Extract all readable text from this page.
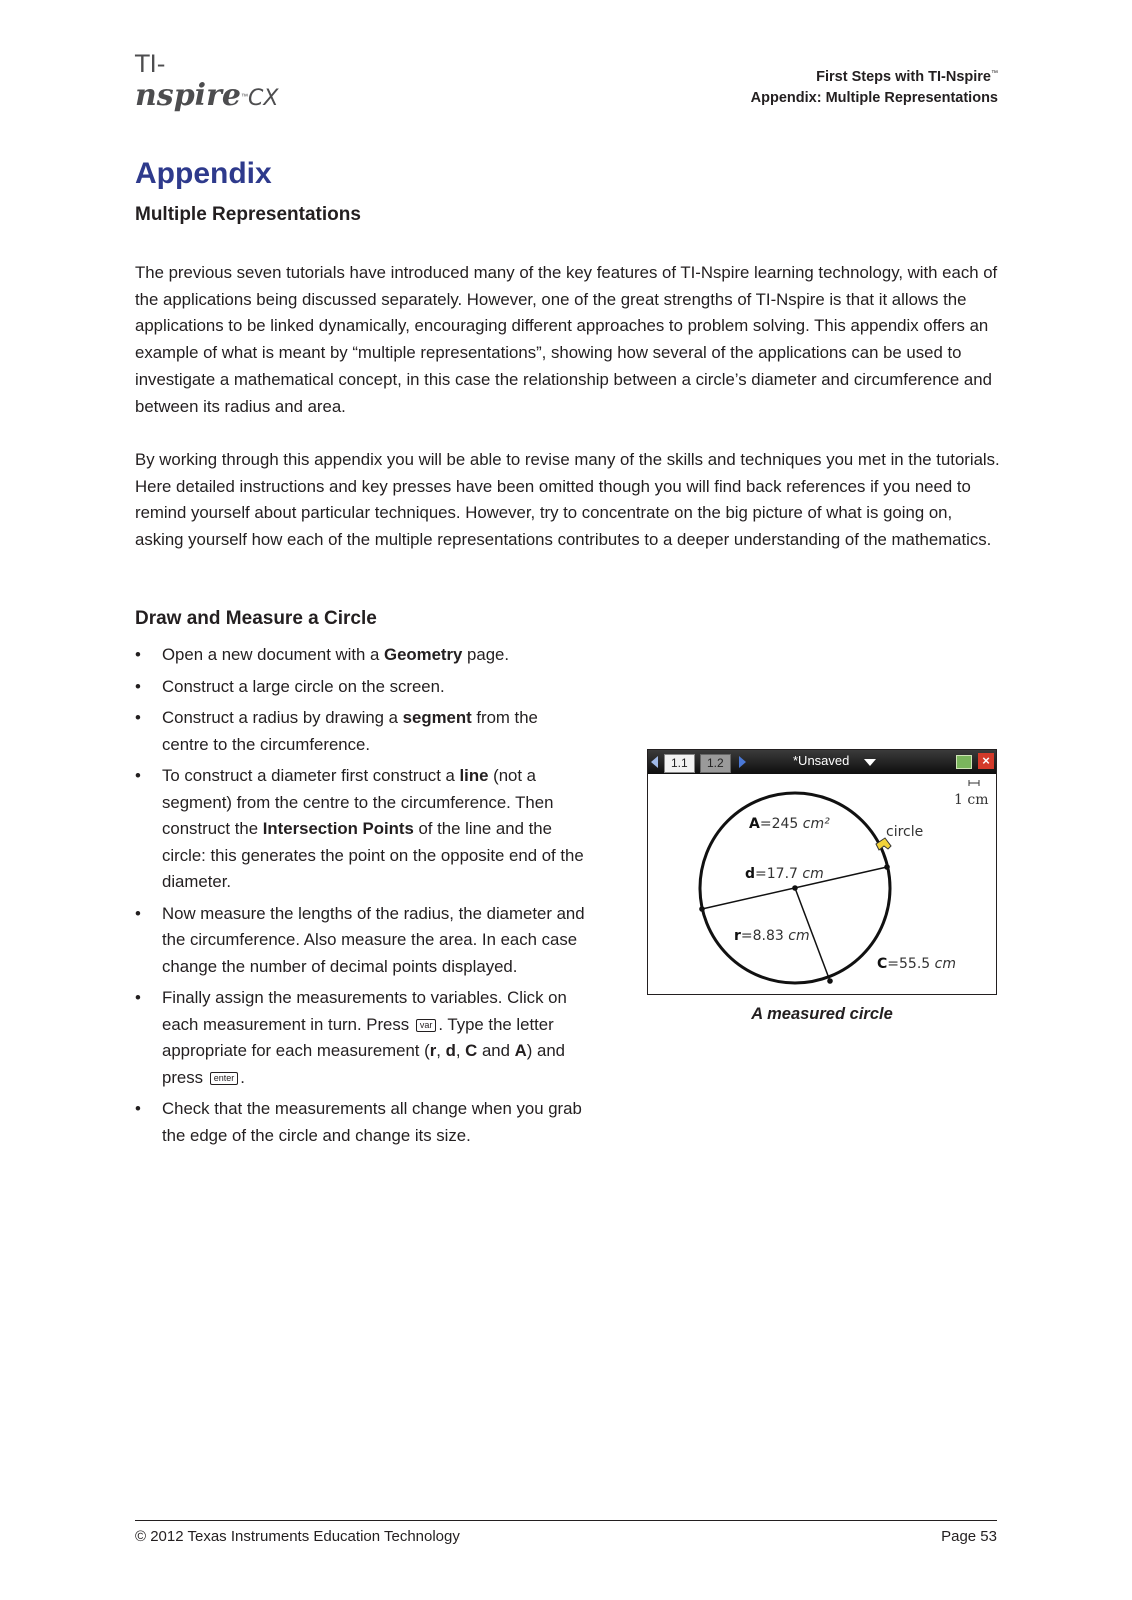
TI-nspire™CX
First Steps with TI-Nspire™
Appendix: Multiple Representations
Appendix
Multiple Representations

The previous seven tutorials have introduced many of the key features of TI-Nspire learning technology, with each of the applications being discussed separately. However, one of the great strengths of TI-Nspire is that it allows the applications to be linked dynamically, encouraging different approaches to problem solving. This appendix offers an example of what is meant by “multiple representations”, showing how several of the applications can be used to investigate a mathematical concept, in this case the relationship between a circle’s diameter and circumference and between its radius and area.

By working through this appendix you will be able to revise many of the skills and techniques you met in the tutorials. Here detailed instructions and key presses have been omitted though you will find back references if you need to remind yourself about particular techniques. However, try to concentrate on the big picture of what is going on, asking yourself how each of the multiple representations contributes to a deeper understanding of the mathematics.

Draw and Measure a Circle
• Open a new document with a Geometry page.
• Construct a large circle on the screen.
• Construct a radius by drawing a segment from the centre to the circumference.
• To construct a diameter first construct a line (not a segment) from the centre to the circumference. Then construct the Intersection Points of the line and the circle: this generates the point on the opposite end of the diameter.
• Now measure the lengths of the radius, the diameter and the circumference. Also measure the area. In each case change the number of decimal points displayed.
• Finally assign the measurements to variables. Click on each measurement in turn. Press var . Type the letter appropriate for each measurement (r, d, C and A) and press enter .
• Check that the measurements all change when you grab the edge of the circle and change its size.
1.1	1.2	*Unsaved	×
1 cm
A=245 cm²	circle
d=17.7 cm
r=8.83 cm
C=55.5 cm

A measured circle

© 2012 Texas Instruments Education Technology	Page 53
